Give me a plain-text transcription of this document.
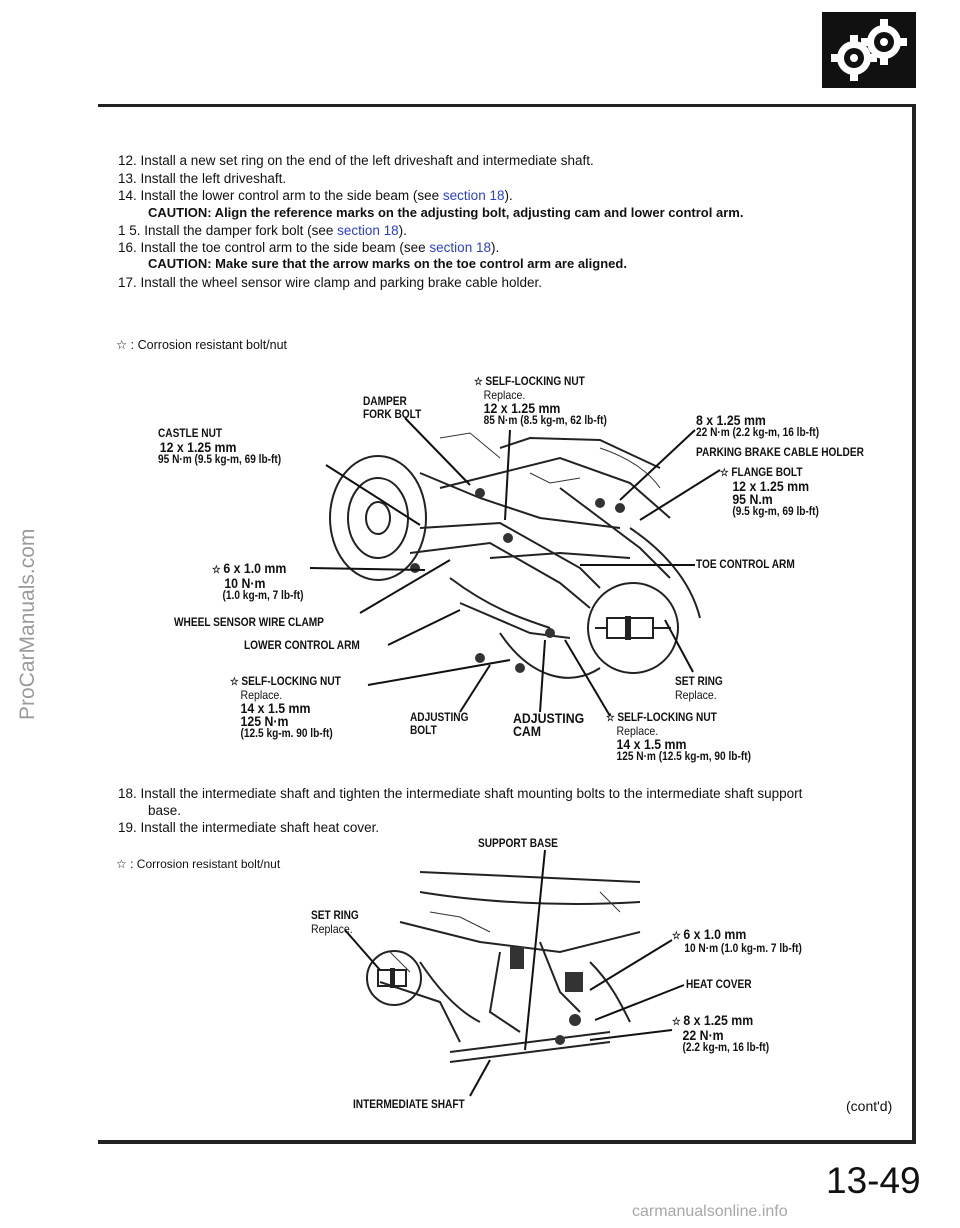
ProCarManuals.com
12. Install a new set ring on the end of the left driveshaft and intermediate shaft.
13. Install the left driveshaft.
14. Install the lower control arm to the side beam (see section 18).
CAUTION: Align the reference marks on the adjusting bolt, adjusting cam and lower control arm.
1 5. Install the damper fork bolt (see section 18).
16. Install the toe control arm to the side beam (see section 18).
CAUTION: Make sure that the arrow marks on the toe control arm are aligned.
17. Install the wheel sensor wire clamp and parking brake cable holder.
☆ : Corrosion resistant bolt/nut
DAMPER
FORK BOLT
☆ SELF-LOCKING NUT
Replace.
12 x 1.25 mm
85 N·m (8.5 kg-m, 62 lb-ft)
CASTLE NUT
12 x 1.25 mm
95 N·m (9.5 kg-m, 69 lb-ft)
8 x 1.25 mm
22 N·m (2.2 kg-m, 16 lb-ft)
PARKING BRAKE CABLE HOLDER
☆ FLANGE BOLT
12 x 1.25 mm
95 N.m
(9.5 kg-m, 69 lb-ft)
☆ 6 x 1.0 mm
10 N·m
(1.0 kg-m, 7 lb-ft)
TOE CONTROL ARM
WHEEL SENSOR WIRE CLAMP
LOWER CONTROL ARM
☆ SELF-LOCKING NUT
Replace.
14 x 1.5 mm
125 N·m
(12.5 kg-m. 90 lb-ft)
ADJUSTING
BOLT
ADJUSTING
CAM
SET RING
Replace.
☆ SELF-LOCKING NUT
Replace.
14 x 1.5 mm
125 N·m (12.5 kg-m, 90 lb-ft)
18. Install the intermediate shaft and tighten the intermediate shaft mounting bolts to the intermediate shaft support
base.
19. Install the intermediate shaft heat cover.
SUPPORT BASE
☆ : Corrosion resistant bolt/nut
SET RING
Replace.	☆ 6 x 1.0 mm
10 N·m (1.0 kg-m. 7 lb-ft)
HEAT COVER
☆ 8 x 1.25 mm
22 N·m
(2.2 kg-m, 16 lb-ft)
INTERMEDIATE SHAFT	(cont'd)
13-49
carmanualsonline.info
